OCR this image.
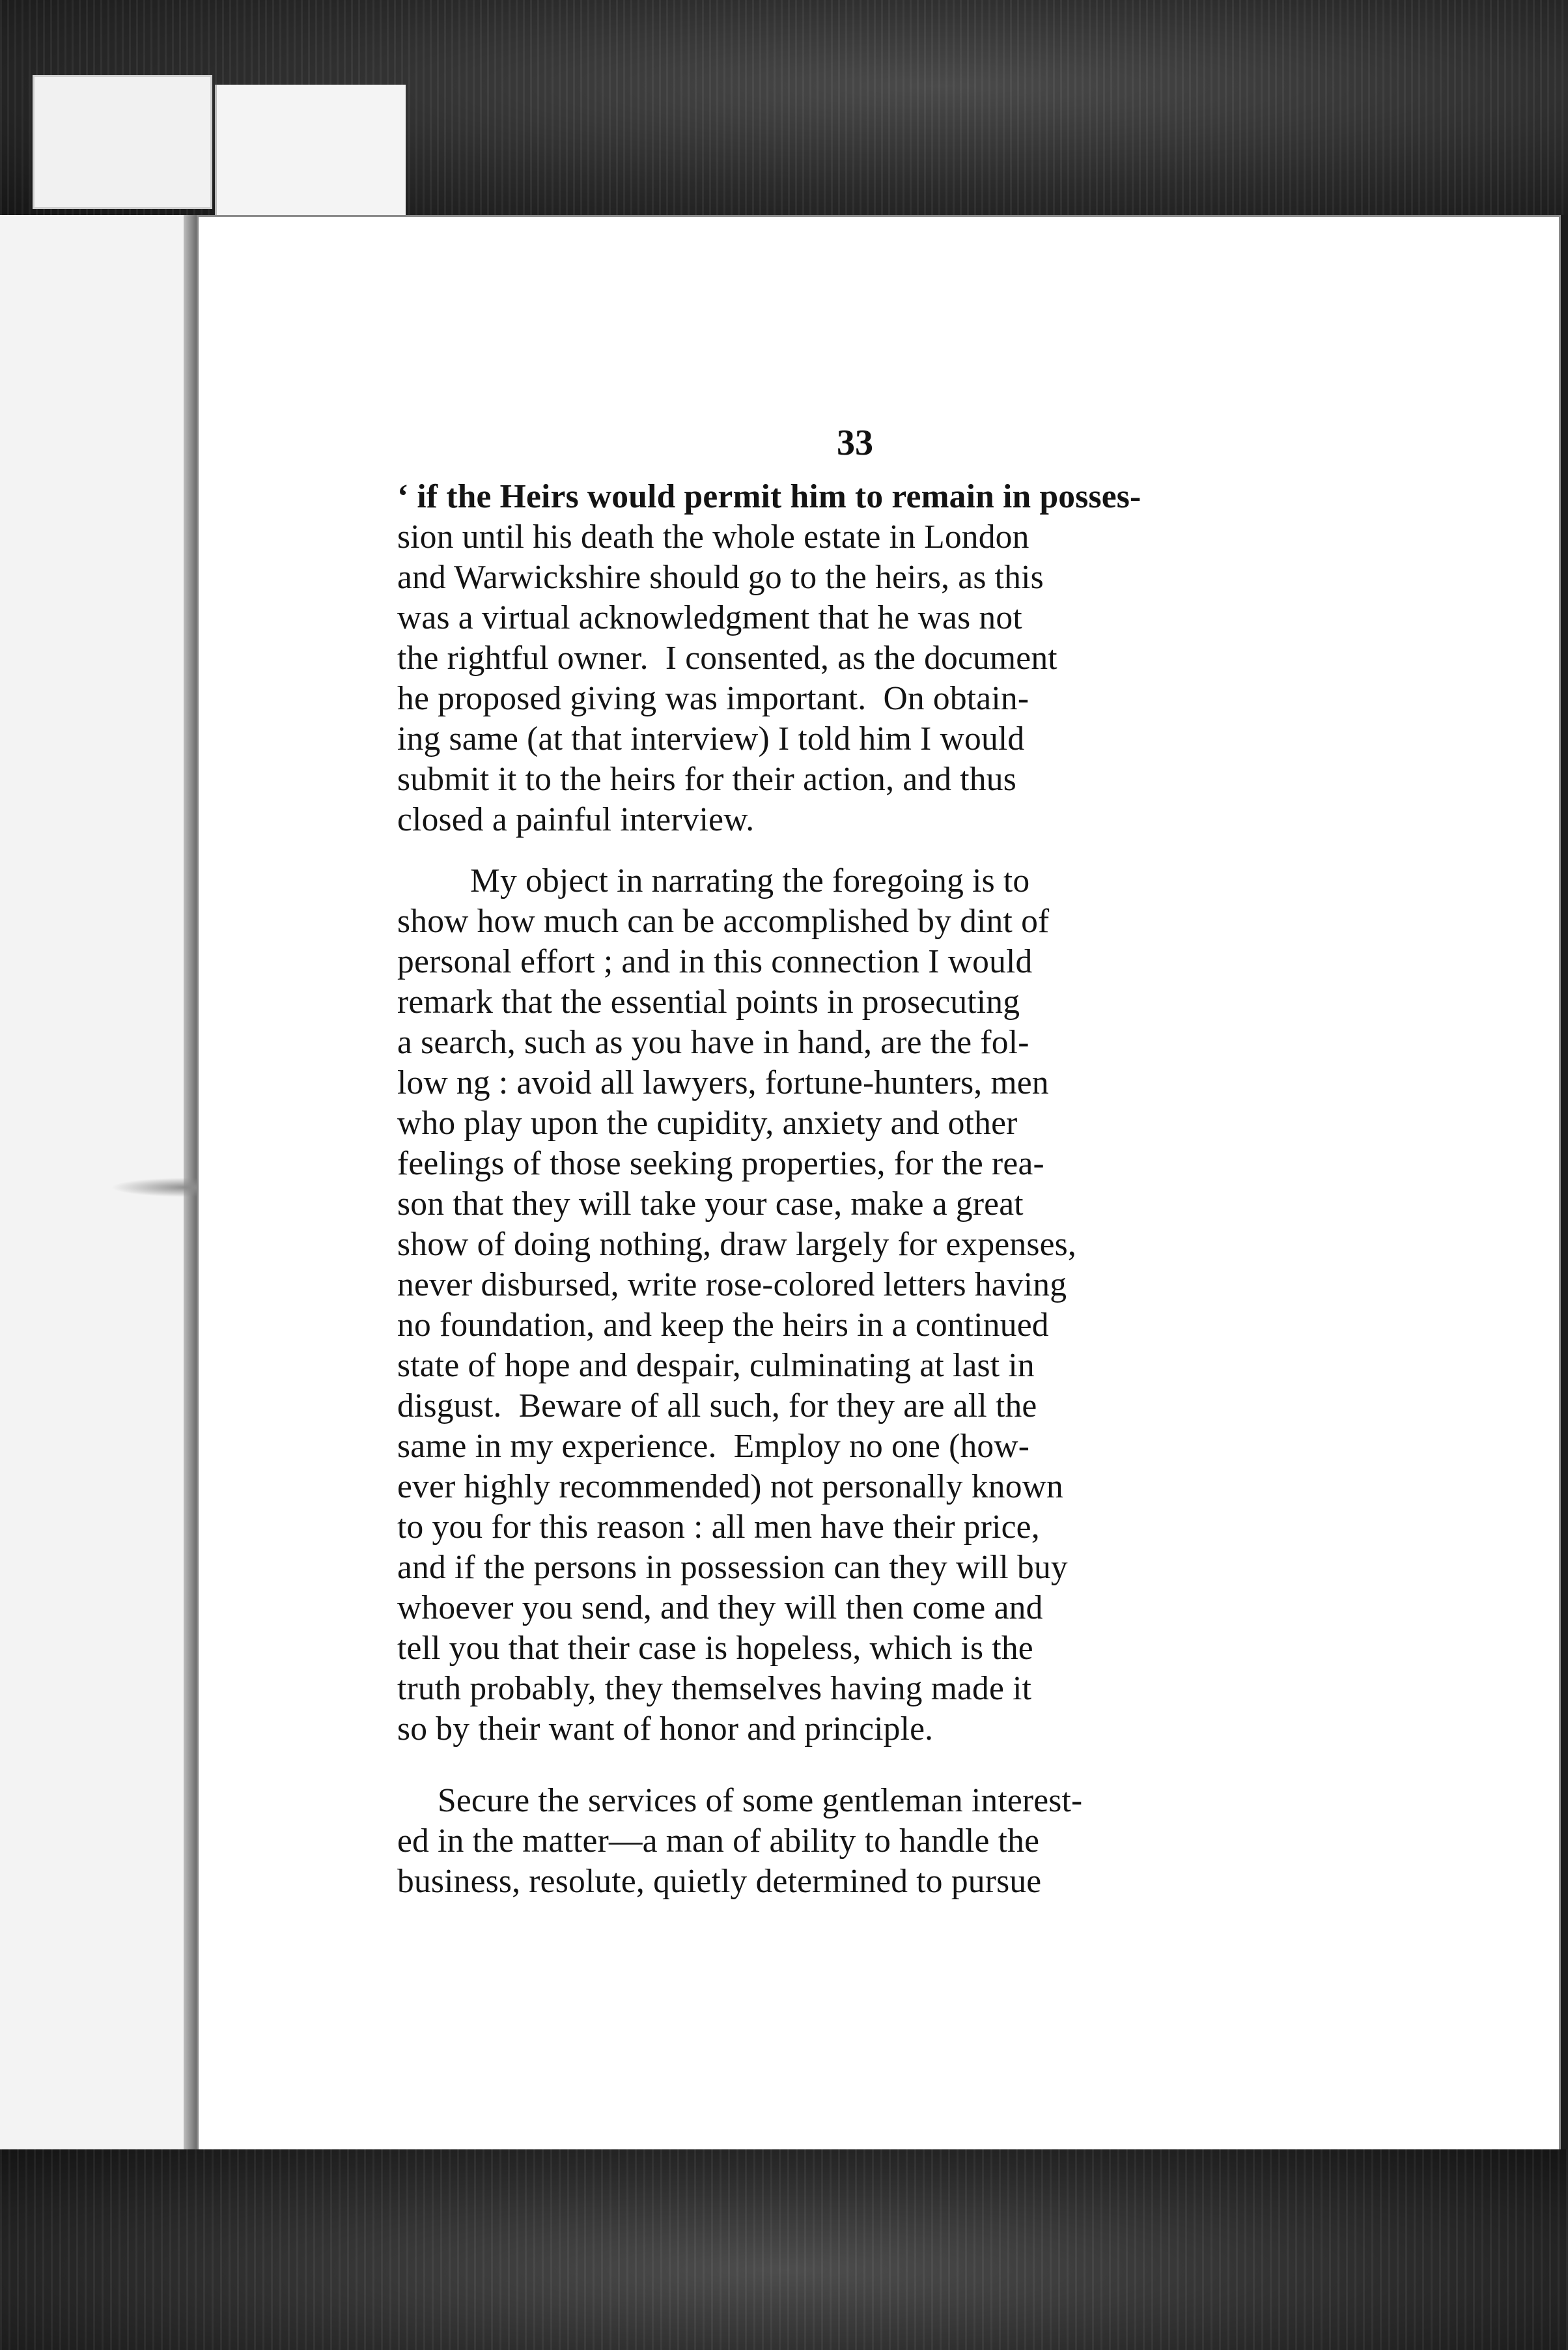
33
‘ if the Heirs would permit him to remain in posses-
sion until his death the whole estate in London
and Warwickshire should go to the heirs, as this
was a virtual acknowledgment that he was not
the rightful owner.  I consented, as the document
he proposed giving was important.  On obtain-
ing same (at that interview) I told him I would
submit it to the heirs for their action, and thus
closed a painful interview.
My object in narrating the foregoing is to
show how much can be accomplished by dint of
personal effort ; and in this connection I would
remark that the essential points in prosecuting
a search, such as you have in hand, are the fol-
low ng : avoid all lawyers, fortune-hunters, men
who play upon the cupidity, anxiety and other
feelings of those seeking properties, for the rea-
son that they will take your case, make a great
show of doing nothing, draw largely for expenses,
never disbursed, write rose-colored letters having
no foundation, and keep the heirs in a continued
state of hope and despair, culminating at last in
disgust.  Beware of all such, for they are all the
same in my experience.  Employ no one (how-
ever highly recommended) not personally known
to you for this reason : all men have their price,
and if the persons in possession can they will buy
whoever you send, and they will then come and
tell you that their case is hopeless, which is the
truth probably, they themselves having made it
so by their want of honor and principle.
Secure the services of some gentleman interest-
ed in the matter—a man of ability to handle the
business, resolute, quietly determined to pursue
